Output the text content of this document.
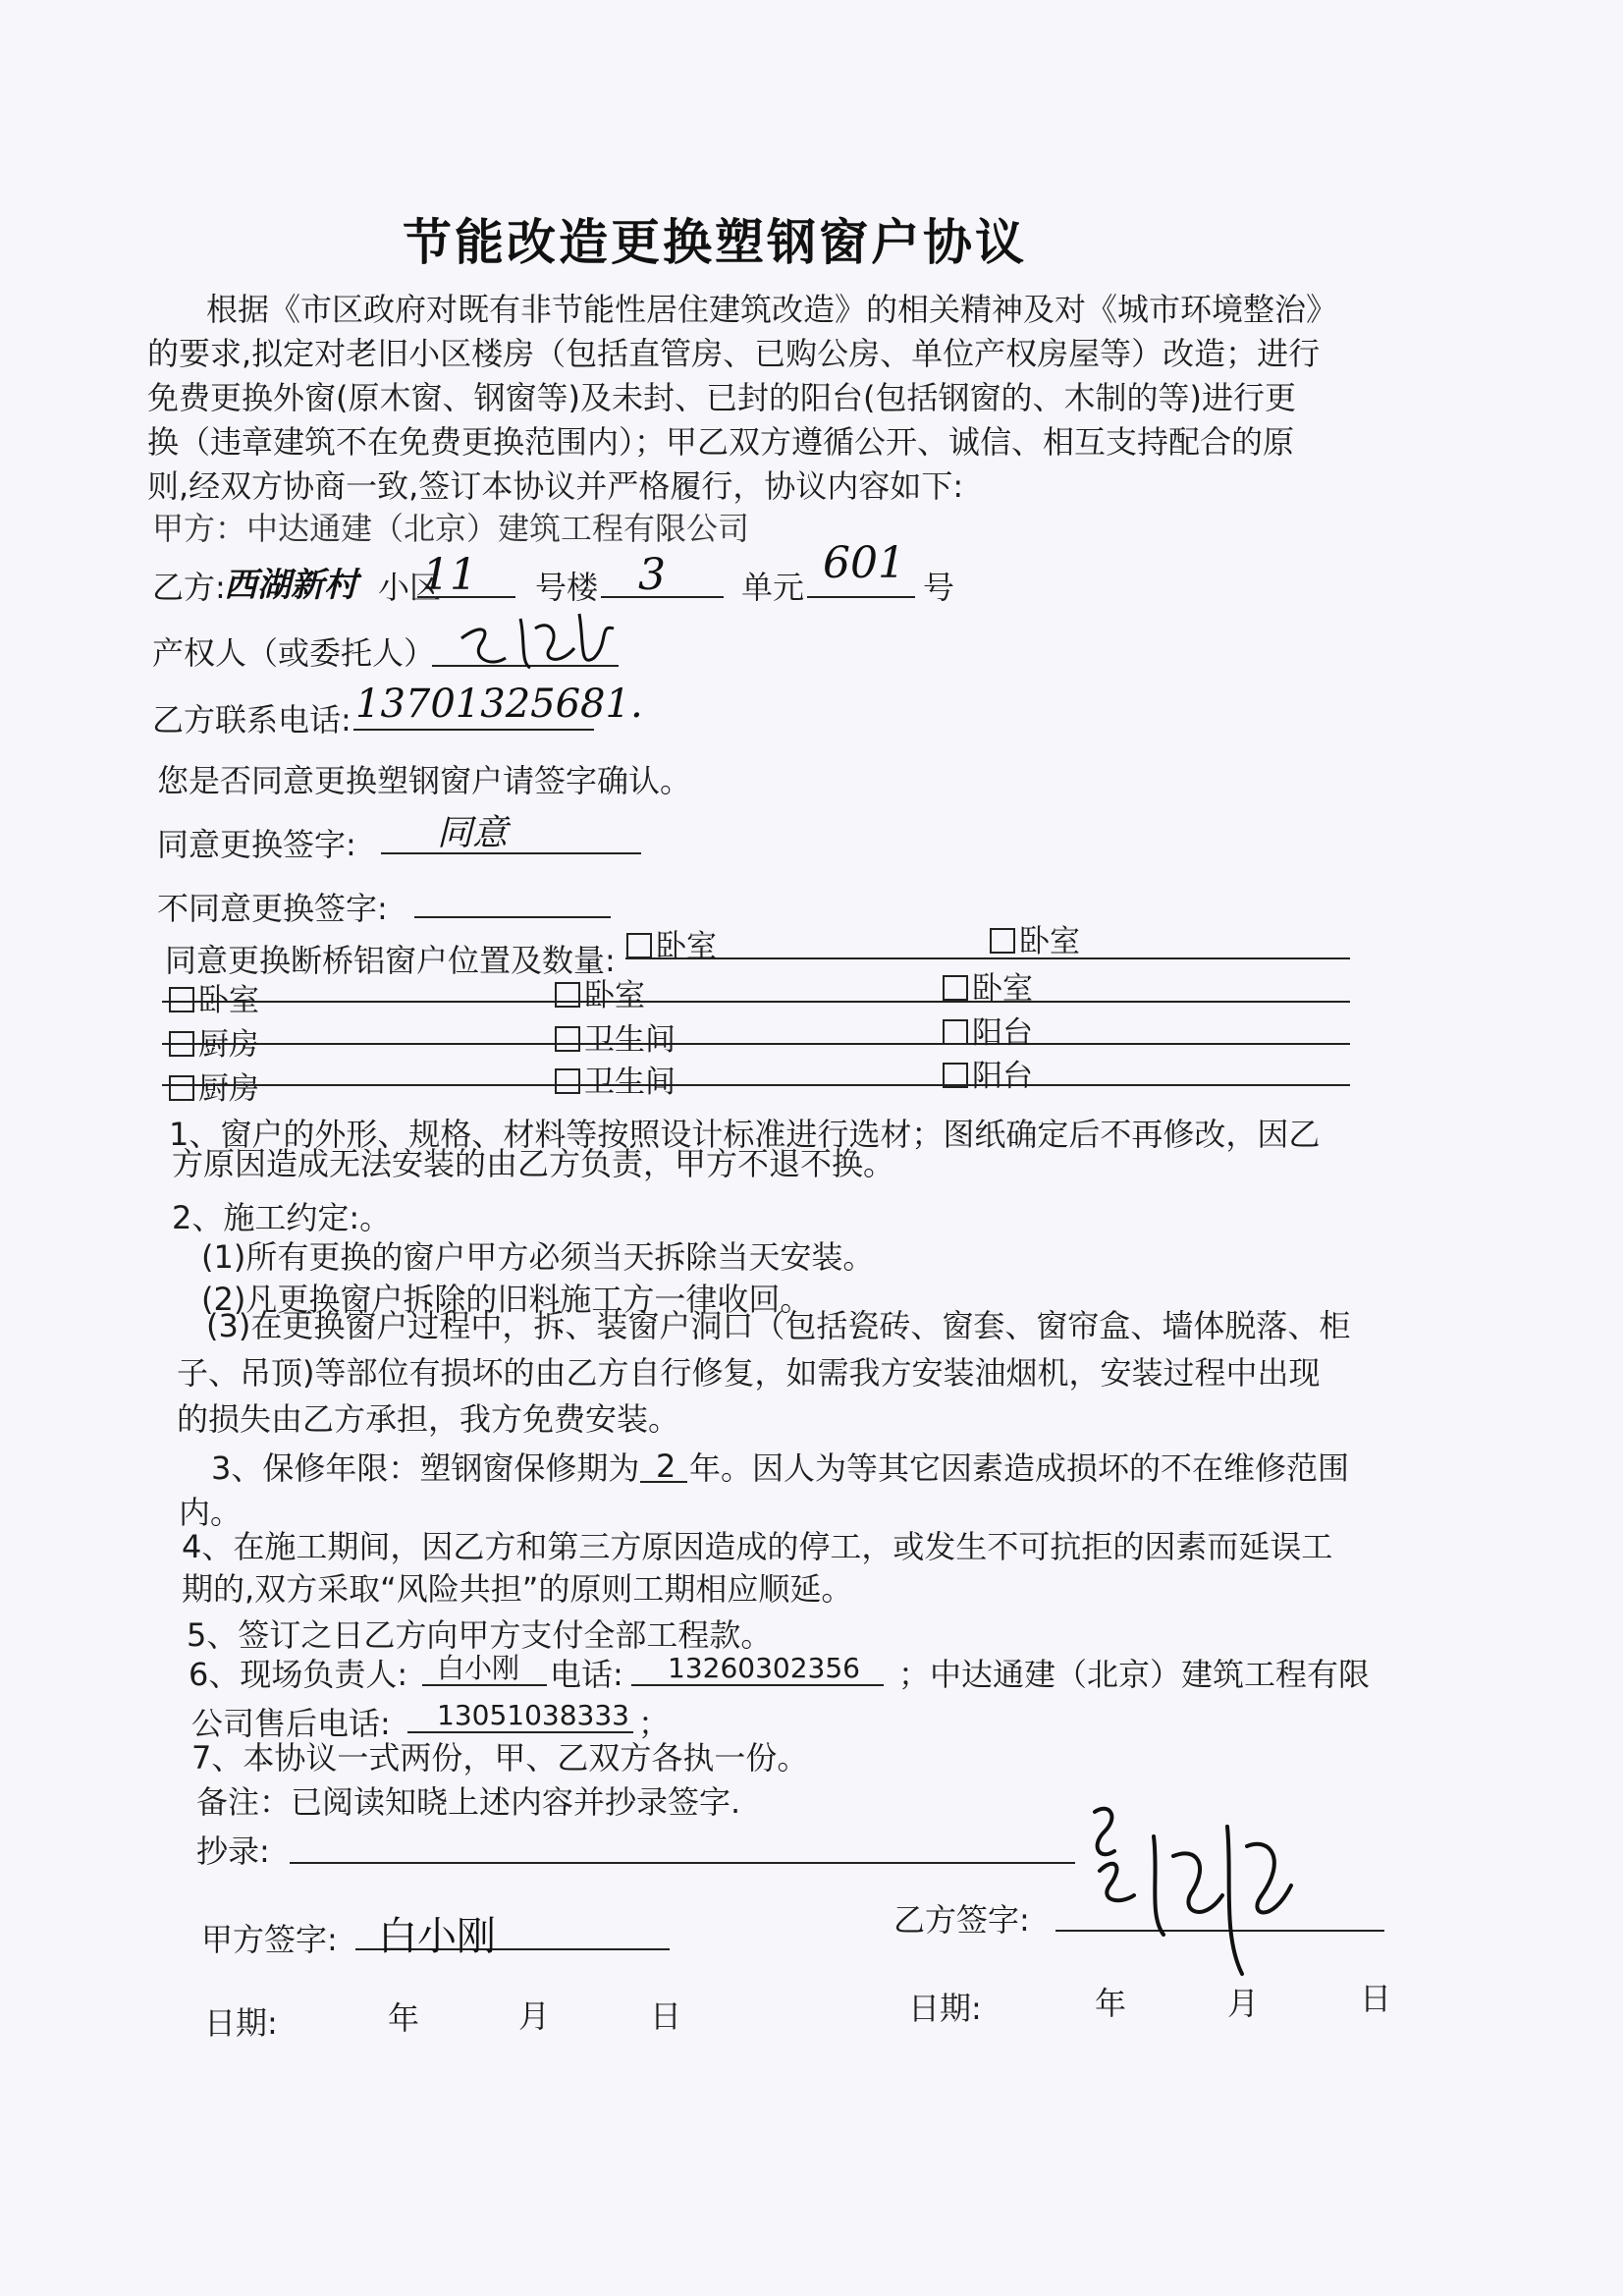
节能改造更换塑钢窗户协议
根据《市区政府对既有非节能性居住建筑改造》的相关精神及对《城市环境整治》
的要求,拟定对老旧小区楼房（包括直管房、已购公房、单位产权房屋等）改造；进行
免费更换外窗(原木窗、钢窗等)及未封、已封的阳台(包括钢窗的、木制的等)进行更
换（违章建筑不在免费更换范围内）；甲乙双方遵循公开、诚信、相互支持配合的原
则,经双方协商一致,签订本协议并严格履行，协议内容如下:
甲方：中达通建（北京）建筑工程有限公司
乙方:
西湖新村 小区
11 号楼 3 单元 601 号
产权人（或委托人）
乙方联系电话: 13701325681.
您是否同意更换塑钢窗户请签字确认。
同意更换签字: 同意
不同意更换签字:
同意更换断桥铝窗户位置及数量:	卧室	卧室
卧室	卧室	卧室
厨房	卫生间	阳台
厨房	卫生间	阳台
1、窗户的外形、规格、材料等按照设计标准进行选材；图纸确定后不再修改，因乙
方原因造成无法安装的由乙方负责，甲方不退不换。
2、施工约定:。
(1)所有更换的窗户甲方必须当天拆除当天安装。
(2)凡更换窗户拆除的旧料施工方一律收回。
(3)在更换窗户过程中，拆、装窗户洞口（包括瓷砖、窗套、窗帘盒、墙体脱落、柜
子、吊顶)等部位有损坏的由乙方自行修复，如需我方安装油烟机，安装过程中出现
的损失由乙方承担，我方免费安装。
3、保修年限：塑钢窗保修期为 2 年。因人为等其它因素造成损坏的不在维修范围
内。
4、在施工期间，因乙方和第三方原因造成的停工，或发生不可抗拒的因素而延误工
期的,双方采取“风险共担”的原则工期相应顺延。
5、签订之日乙方向甲方支付全部工程款。
6、现场负责人: 白小刚 电话: 13260302356 ；中达通建（北京）建筑工程有限
公司售后电话: 13051038333 ；
7、本协议一式两份，甲、乙双方各执一份。
备注：已阅读知晓上述内容并抄录签字.
抄录:
甲方签字: 白小刚	乙方签字:
日期:	年	月	日	日期:	年	月	日
